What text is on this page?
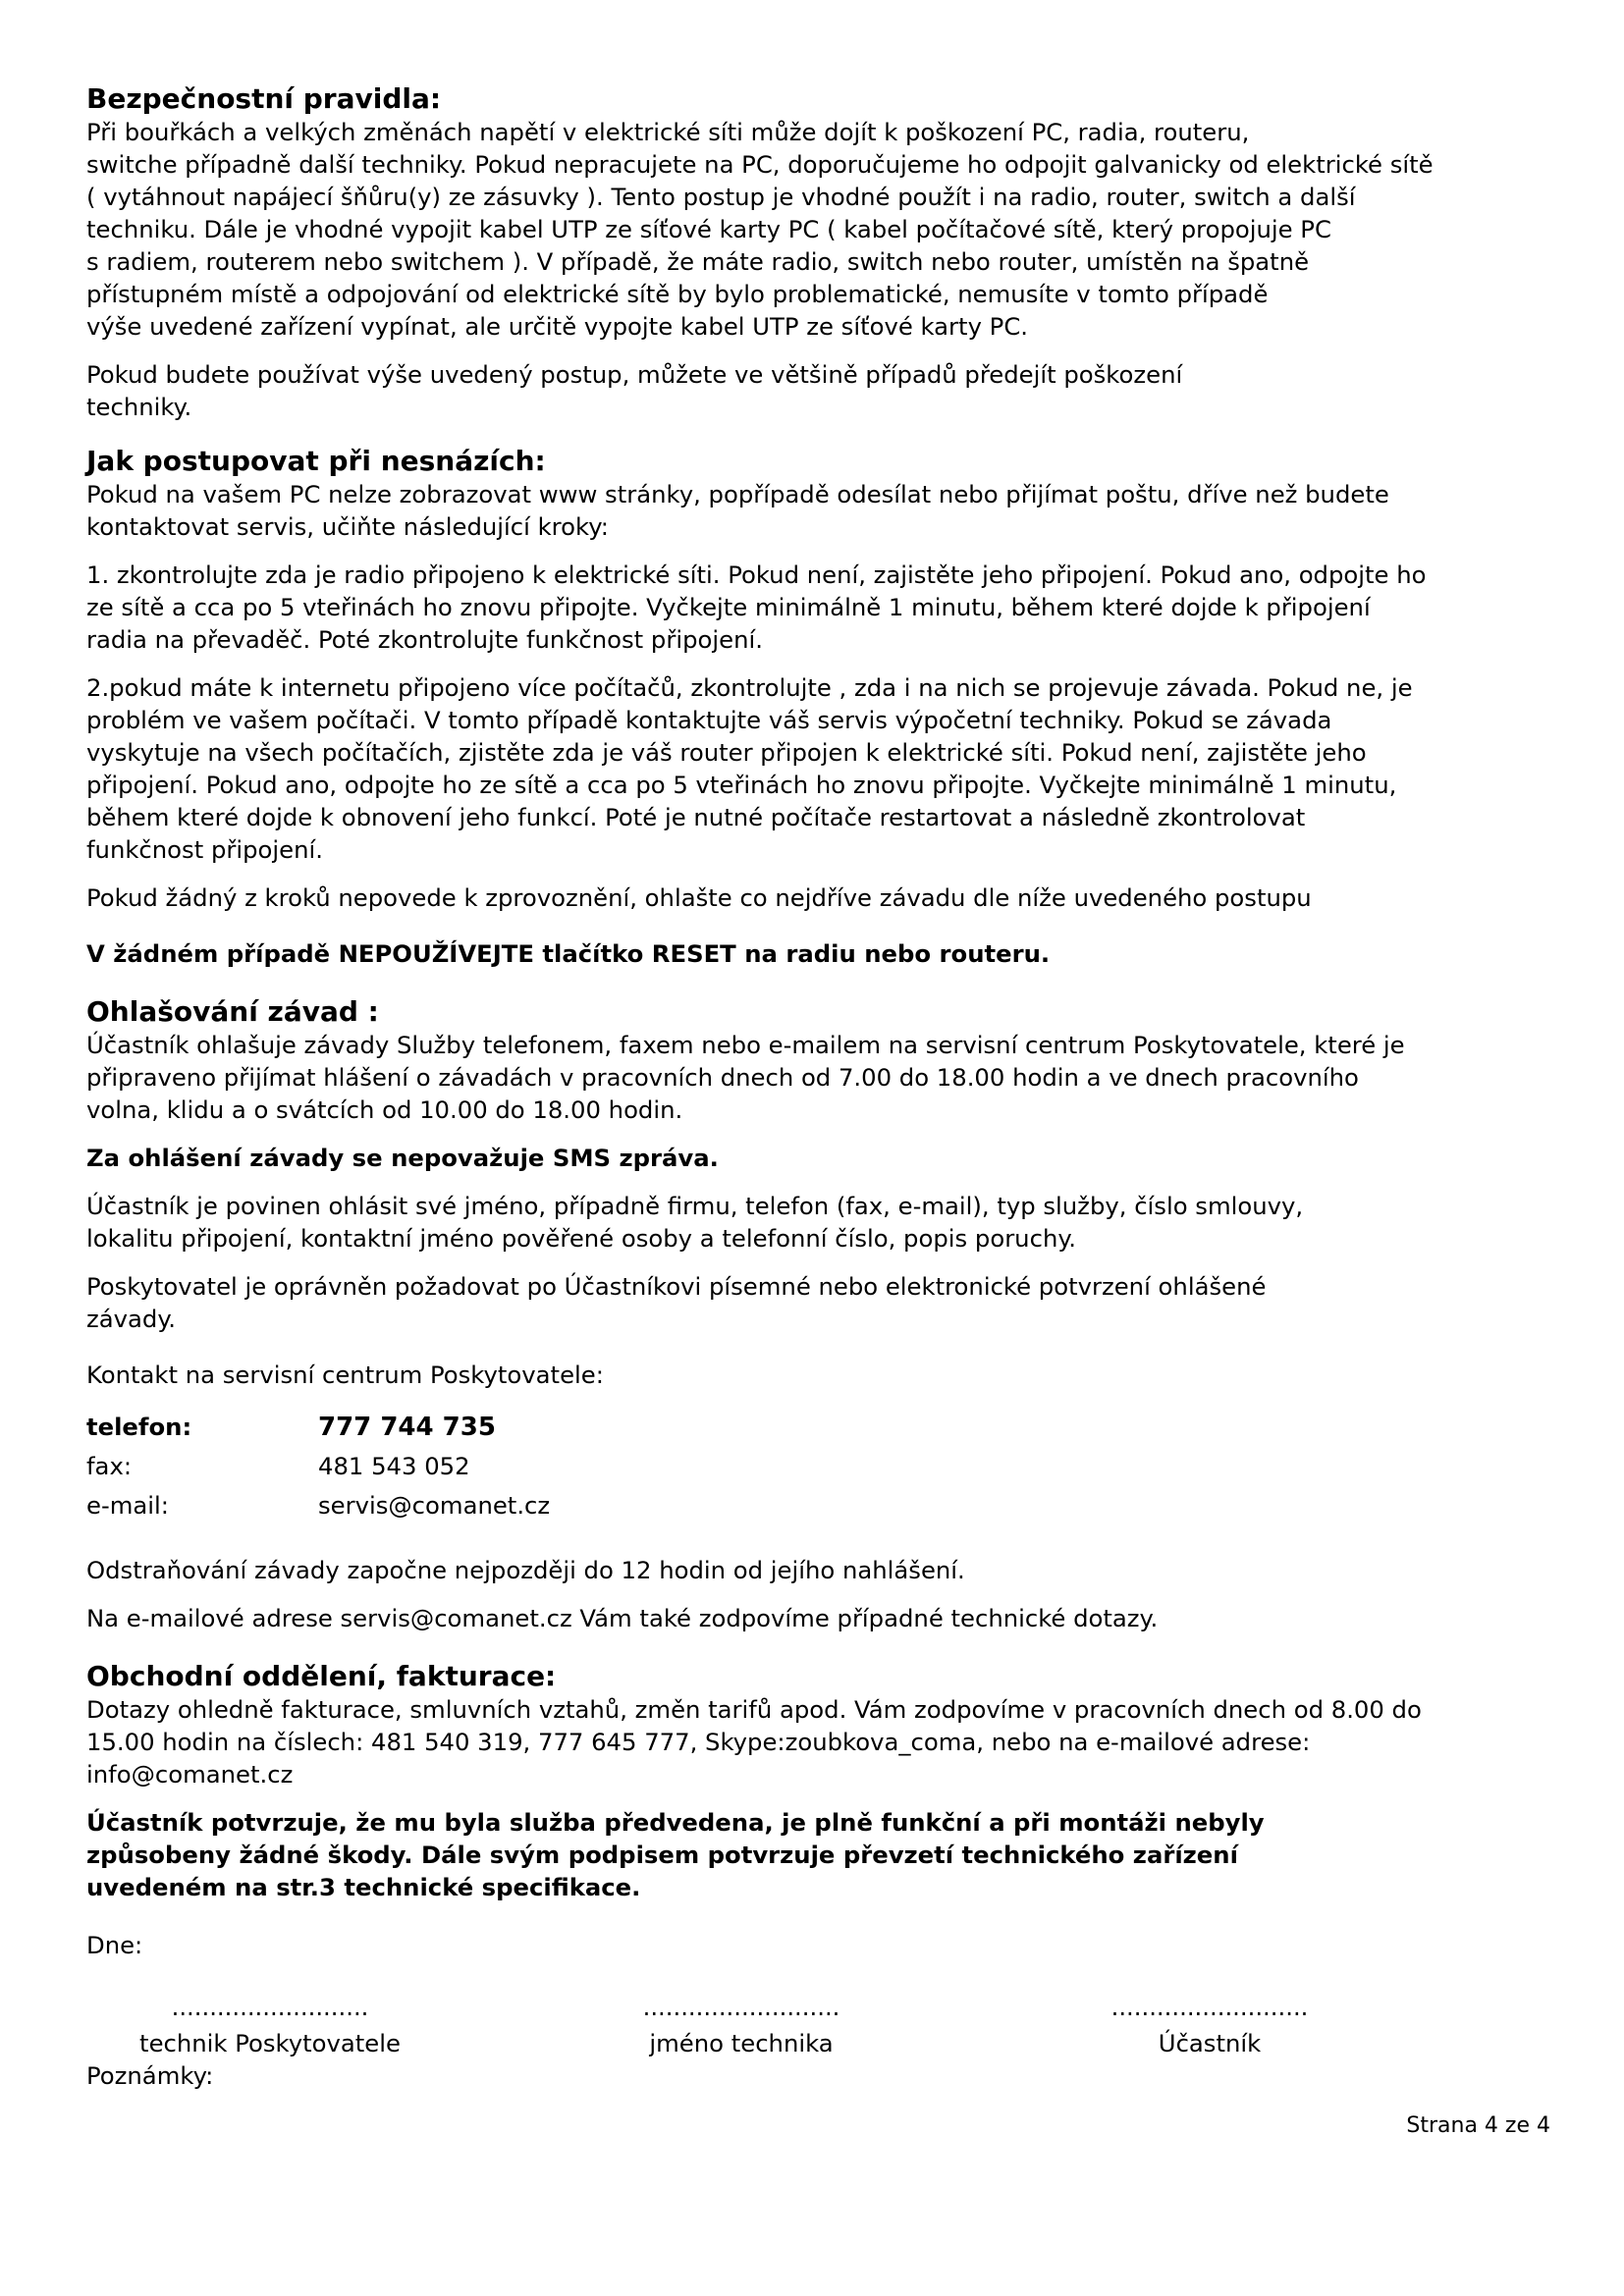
Bezpečnostní pravidla:

Při bouřkách a velkých změnách napětí v elektrické síti může dojít k poškození PC, radia, routeru,
switche případně další techniky. Pokud nepracujete na PC, doporučujeme ho odpojit galvanicky od elektrické sítě
( vytáhnout napájecí šňůru(y) ze zásuvky ). Tento postup je vhodné použít i na radio, router, switch a další
techniku. Dále je vhodné vypojit kabel UTP ze síťové karty PC ( kabel počítačové sítě, který propojuje PC
s radiem, routerem nebo switchem ). V případě, že máte radio, switch nebo router, umístěn na špatně
přístupném místě a odpojování od elektrické sítě by bylo problematické, nemusíte v tomto případě
výše uvedené zařízení vypínat, ale určitě vypojte kabel UTP ze síťové karty PC.

Pokud budete používat výše uvedený postup, můžete ve většině případů předejít poškození
techniky.

Jak postupovat při nesnázích:

Pokud na vašem PC nelze zobrazovat www stránky, popřípadě odesílat nebo přijímat poštu, dříve než budete
kontaktovat servis, učiňte následující kroky:

1. zkontrolujte zda je radio připojeno k elektrické síti. Pokud není, zajistěte jeho připojení. Pokud ano, odpojte ho
ze sítě a cca po 5 vteřinách ho znovu připojte. Vyčkejte minimálně 1 minutu, během které dojde k připojení
radia na převaděč. Poté zkontrolujte funkčnost připojení.

2.pokud máte k internetu připojeno více počítačů, zkontrolujte , zda i na nich se projevuje závada. Pokud ne, je
problém ve vašem počítači. V tomto případě kontaktujte váš servis výpočetní techniky. Pokud se závada
vyskytuje na všech počítačích, zjistěte zda je váš router připojen k elektrické síti. Pokud není, zajistěte jeho
připojení. Pokud ano, odpojte ho ze sítě a cca po 5 vteřinách ho znovu připojte. Vyčkejte minimálně 1 minutu,
během které dojde k obnovení jeho funkcí. Poté je nutné počítače restartovat a následně zkontrolovat
funkčnost připojení.

Pokud žádný z kroků nepovede k zprovoznění, ohlašte co nejdříve závadu dle níže uvedeného postupu

V žádném případě NEPOUŽÍVEJTE tlačítko RESET na radiu nebo routeru.

Ohlašování závad :

Účastník ohlašuje závady Služby telefonem, faxem nebo e-mailem na servisní centrum Poskytovatele, které je
připraveno přijímat hlášení o závadách v pracovních dnech od 7.00 do 18.00 hodin a ve dnech pracovního
volna, klidu a o svátcích od 10.00 do 18.00 hodin.

Za ohlášení závady se nepovažuje SMS zpráva.

Účastník je povinen ohlásit své jméno, případně firmu, telefon (fax, e-mail), typ služby, číslo smlouvy,
lokalitu připojení, kontaktní jméno pověřené osoby a telefonní číslo, popis poruchy.

Poskytovatel je oprávněn požadovat po Účastníkovi písemné nebo elektronické potvrzení ohlášené
závady.

Kontakt na servisní centrum Poskytovatele:

telefon:	777 744 735
fax:	481 543 052
e-mail:	servis@comanet.cz

Odstraňování závady započne nejpozději do 12 hodin od jejího nahlášení.

Na e-mailové adrese servis@comanet.cz Vám také zodpovíme případné technické dotazy.

Obchodní oddělení, fakturace:

Dotazy ohledně fakturace, smluvních vztahů, změn tarifů apod. Vám zodpovíme v pracovních dnech od 8.00 do
15.00 hodin na číslech: 481 540 319, 777 645 777, Skype:zoubkova_coma, nebo na e-mailové adrese:
info@comanet.cz

Účastník potvrzuje, že mu byla služba předvedena, je plně funkční a při montáži nebyly
způsobeny žádné škody. Dále svým podpisem potvrzuje převzetí technického zařízení
uvedeném na str.3 technické specifikace.

Dne:

..........................	..........................	..........................
technik Poskytovatele	jméno technika	Účastník
Poznámky:
Strana 4 ze 4
